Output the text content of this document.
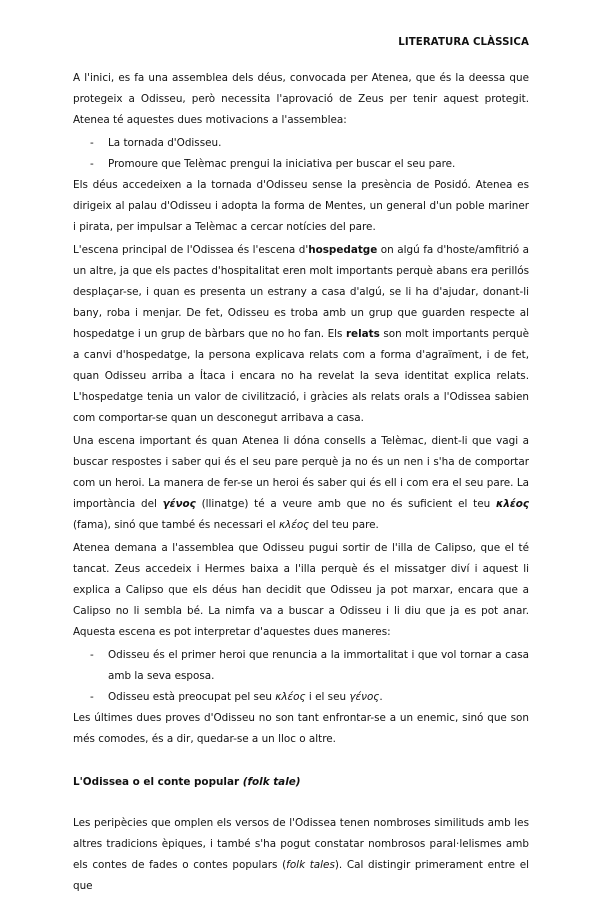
LITERATURA CLÀSSICA

A l'inici, es fa una assemblea dels déus, convocada per Atenea, que és la deessa que protegeix a Odisseu, però necessita l'aprovació de Zeus per tenir aquest protegit. Atenea té aquestes dues motivacions a l'assemblea:

- La tornada d'Odisseu.
- Promoure que Telèmac prengui la iniciativa per buscar el seu pare.

Els déus accedeixen a la tornada d'Odisseu sense la presència de Posidó. Atenea es dirigeix al palau d'Odisseu i adopta la forma de Mentes, un general d'un poble mariner i pirata, per impulsar a Telèmac a cercar notícies del pare.

L'escena principal de l'Odissea és l'escena d'hospedatge on algú fa d'hoste/amfitrió a un altre, ja que els pactes d'hospitalitat eren molt importants perquè abans era perillós desplaçar-se, i quan es presenta un estrany a casa d'algú, se li ha d'ajudar, donant-li bany, roba i menjar. De fet, Odisseu es troba amb un grup que guarden respecte al hospedatge i un grup de bàrbars que no ho fan. Els relats son molt importants perquè a canvi d'hospedatge, la persona explicava relats com a forma d'agraïment, i de fet, quan Odisseu arriba a Ítaca i encara no ha revelat la seva identitat explica relats. L'hospedatge tenia un valor de civilització, i gràcies als relats orals a l'Odissea sabien com comportar-se quan un desconegut arribava a casa.

Una escena important és quan Atenea li dóna consells a Telèmac, dient-li que vagi a buscar respostes i saber qui és el seu pare perquè ja no és un nen i s'ha de comportar com un heroi. La manera de fer-se un heroi és saber qui és ell i com era el seu pare. La importància del γένος (llinatge) té a veure amb que no és suficient el teu κλέος (fama), sinó que també és necessari el κλέος del teu pare.

Atenea demana a l'assemblea que Odisseu pugui sortir de l'illa de Calipso, que el té tancat. Zeus accedeix i Hermes baixa a l'illa perquè és el missatger diví i aquest li explica a Calipso que els déus han decidit que Odisseu ja pot marxar, encara que a Calipso no li sembla bé. La nimfa va a buscar a Odisseu i li diu que ja es pot anar. Aquesta escena es pot interpretar d'aquestes dues maneres:

- Odisseu és el primer heroi que renuncia a la immortalitat i que vol tornar a casa amb la seva esposa.
- Odisseu està preocupat pel seu κλέος i el seu γένος.

Les últimes dues proves d'Odisseu no son tant enfrontar-se a un enemic, sinó que son més comodes, és a dir, quedar-se a un lloc o altre.

L'Odissea o el conte popular (folk tale)

Les peripècies que omplen els versos de l'Odissea tenen nombroses similituds amb les altres tradicions èpiques, i també s'ha pogut constatar nombrosos paral·lelismes amb els contes de fades o contes populars (folk tales). Cal distingir primerament entre el que
